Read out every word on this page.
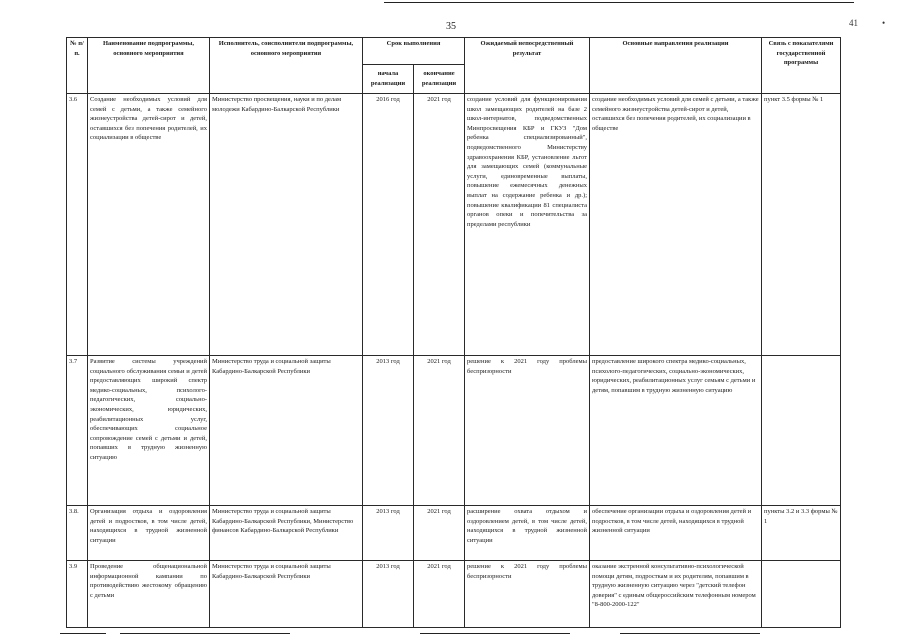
35	41	•
№ п/п.	Наименование подпрограммы, основного мероприятия	Исполнитель, соисполнители подпрограммы, основного мероприятия	Срок выполнения		Ожидаемый непосредственный результат	Основные направления реализации	Связь с показателями государственной программы
			начала реализации	окончание реализации			
3.6	Создание необходимых условий для семей с детьми, а также семейного жизнеустройства детей-сирот и детей, оставшихся без попечения родителей, их социализации в обществе	Министерство просвещения, науки и по делам молодежи Кабардино-Балкарской Республики	2016 год	2021 год	создание условий для функционирования школ замещающих родителей на базе 2 школ-интернатов, подведомственных Минпросвещения КБР и ГКУЗ "Дом ребенка специализированный", подведомственного Министерству здравоохранения КБР, установление льгот для замещающих семей (коммунальные услуги, единовременные выплаты, повышение ежемесячных денежных выплат на содержание ребенка и др.); повышение квалификации 81 специалиста органов опеки и попечительства за пределами республики	создание необходимых условий для семей с детьми, а также семейного жизнеустройства детей-сирот и детей, оставшихся без попечения родителей, их социализации в обществе	пункт 3.5 формы № 1
3.7	Развитие системы учреждений социального обслуживания семьи и детей предоставляющих широкий спектр медико-социальных, психолого-педагогических, социально-экономических, юридических, реабилитационных услуг, обеспечивающих социальное сопровождение семей с детьми и детей, попавших в трудную жизненную ситуацию	Министерство труда и социальной защиты Кабардино-Балкарской Республики	2013 год	2021 год	решение к 2021 году проблемы беспризорности	предоставление широкого спектра медико-социальных, психолого-педагогических, социально-экономических, юридических, реабилитационных услуг семьям с детьми и детям, попавшим в трудную жизненную ситуацию	
3.8.	Организация отдыха и оздоровления детей и подростков, в том числе детей, находящихся в трудной жизненной ситуации	Министерство труда и социальной защиты Кабардино-Балкарской Республики, Министерство финансов Кабардино-Балкарской Республики	2013 год	2021 год	расширение охвата отдыхом и оздоровлением детей, в том числе детей, находящихся в трудной жизненной ситуации	обеспечение организации отдыха и оздоровления детей и подростков, в том числе детей, находящихся в трудной жизненной ситуации	пункты 3.2 и 3.3 формы № 1
3.9	Проведение общенациональной информационной кампании по противодействию жестокому обращению с детьми	Министерство труда и социальной защиты Кабардино-Балкарской Республики	2013 год	2021 год	решение к 2021 году проблемы беспризорности	оказание экстренной консультативно-психологической помощи детям, подросткам и их родителям, попавшим в трудную жизненную ситуацию через "детский телефон доверия" с единым общероссийским телефонным номером "8-800-2000-122"	
